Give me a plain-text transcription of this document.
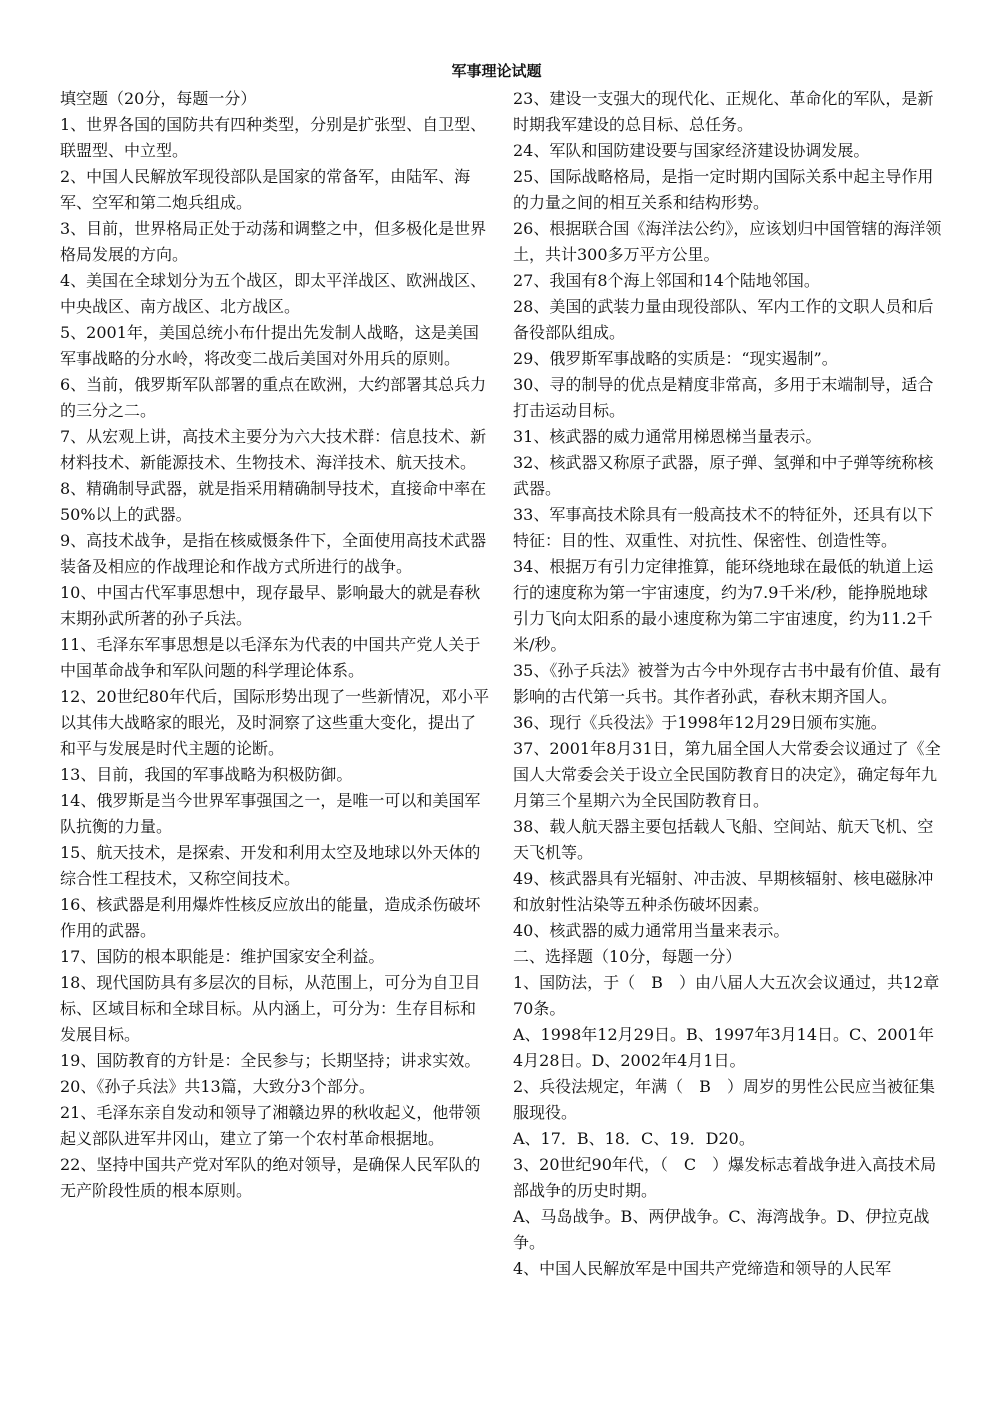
军事理论试题

填空题（20分，每题一分）

1、世界各国的国防共有四种类型，分别是扩张型、自卫型、联盟型、中立型。

2、中国人民解放军现役部队是国家的常备军，由陆军、海军、空军和第二炮兵组成。

3、目前，世界格局正处于动荡和调整之中，但多极化是世界格局发展的方向。

4、美国在全球划分为五个战区，即太平洋战区、欧洲战区、中央战区、南方战区、北方战区。

5、2001年，美国总统小布什提出先发制人战略，这是美国军事战略的分水岭，将改变二战后美国对外用兵的原则。

6、当前，俄罗斯军队部署的重点在欧洲，大约部署其总兵力的三分之二。

7、从宏观上讲，高技术主要分为六大技术群：信息技术、新材料技术、新能源技术、生物技术、海洋技术、航天技术。

8、精确制导武器，就是指采用精确制导技术，直接命中率在50%以上的武器。

9、高技术战争，是指在核威慑条件下，全面使用高技术武器装备及相应的作战理论和作战方式所进行的战争。

10、中国古代军事思想中，现存最早、影响最大的就是春秋末期孙武所著的孙子兵法。

11、毛泽东军事思想是以毛泽东为代表的中国共产党人关于中国革命战争和军队问题的科学理论体系。

12、20世纪80年代后，国际形势出现了一些新情况，邓小平以其伟大战略家的眼光，及时洞察了这些重大变化，提出了和平与发展是时代主题的论断。

13、目前，我国的军事战略为积极防御。

14、俄罗斯是当今世界军事强国之一，是唯一可以和美国军队抗衡的力量。

15、航天技术，是探索、开发和利用太空及地球以外天体的综合性工程技术，又称空间技术。

16、核武器是利用爆炸性核反应放出的能量，造成杀伤破坏作用的武器。

17、国防的根本职能是：维护国家安全利益。

18、现代国防具有多层次的目标，从范围上，可分为自卫目标、区域目标和全球目标。从内涵上，可分为：生存目标和发展目标。

19、国防教育的方针是：全民参与；长期坚持；讲求实效。

20、《孙子兵法》共13篇，大致分3个部分。

21、毛泽东亲自发动和领导了湘赣边界的秋收起义，他带领起义部队进军井冈山，建立了第一个农村革命根据地。

22、坚持中国共产党对军队的绝对领导，是确保人民军队的无产阶段性质的根本原则。

23、建设一支强大的现代化、正规化、革命化的军队，是新时期我军建设的总目标、总任务。

24、军队和国防建设要与国家经济建设协调发展。

25、国际战略格局，是指一定时期内国际关系中起主导作用的力量之间的相互关系和结构形势。

26、根据联合国《海洋法公约》，应该划归中国管辖的海洋领土，共计300多万平方公里。

27、我国有8个海上邻国和14个陆地邻国。

28、美国的武装力量由现役部队、军内工作的文职人员和后备役部队组成。

29、俄罗斯军事战略的实质是：“现实遏制”。

30、寻的制导的优点是精度非常高，多用于末端制导，适合打击运动目标。

31、核武器的威力通常用梯恩梯当量表示。

32、核武器又称原子武器，原子弹、氢弹和中子弹等统称核武器。

33、军事高技术除具有一般高技术不的特征外，还具有以下特征：目的性、双重性、对抗性、保密性、创造性等。

34、根据万有引力定律推算，能环绕地球在最低的轨道上运行的速度称为第一宇宙速度，约为7.9千米/秒，能挣脱地球引力飞向太阳系的最小速度称为第二宇宙速度，约为11.2千米/秒。

35、《孙子兵法》被誉为古今中外现存古书中最有价值、最有影响的古代第一兵书。其作者孙武，春秋末期齐国人。

36、现行《兵役法》于1998年12月29日颁布实施。

37、2001年8月31日，第九届全国人大常委会议通过了《全国人大常委会关于设立全民国防教育日的决定》，确定每年九月第三个星期六为全民国防教育日。

38、载人航天器主要包括载人飞船、空间站、航天飞机、空天飞机等。

49、核武器具有光辐射、冲击波、早期核辐射、核电磁脉冲和放射性沾染等五种杀伤破坏因素。

40、核武器的威力通常用当量来表示。

二、选择题（10分，每题一分）

1、国防法，于（　B　）由八届人大五次会议通过，共12章70条。

A、1998年12月29日。B、1997年3月14日。C、2001年4月28日。D、2002年4月1日。

2、兵役法规定，年满（　B　）周岁的男性公民应当被征集服现役。

A、17．B、18．C、19．D20。

3、20世纪90年代，（　C　）爆发标志着战争进入高技术局部战争的历史时期。

A、马岛战争。B、两伊战争。C、海湾战争。D、伊拉克战争。

4、中国人民解放军是中国共产党缔造和领导的人民军
